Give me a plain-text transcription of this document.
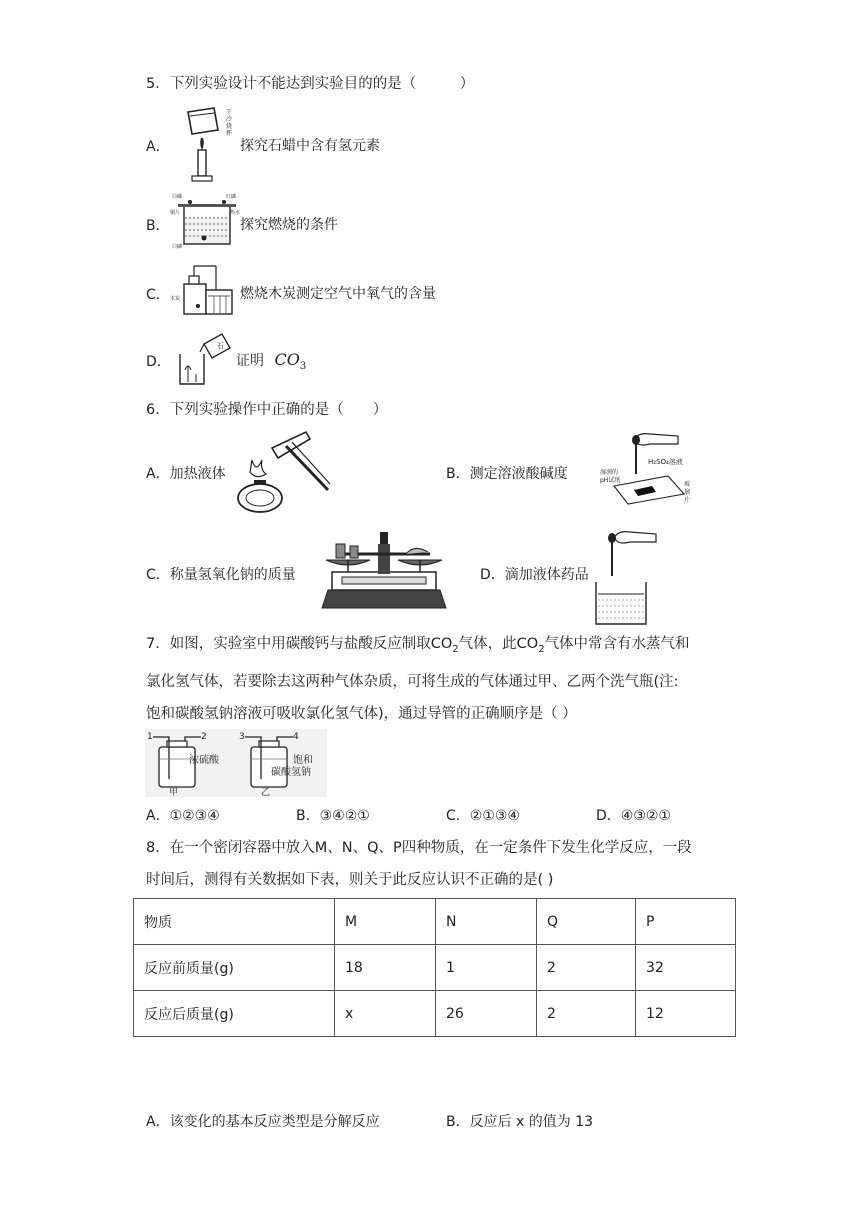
5．下列实验设计不能达到实验目的的是（　　　）
A．
干冷烧杯
探究石蜡中含有氢元素
B．
白磷	红磷 铜片	热水 白磷
探究燃烧的条件
C． 木炭	燃烧木炭测定空气中氧气的含量
D．
石
证明 $CO_3$
6．下列实验操作中正确的是（　　）
A．加热液体	B．测定溶液酸碱度
H₂SO₄溶液 湿润的 pH试纸 玻 璃 片
C．称量氢氧化钠的质量	D．滴加液体药品
7．如图，实验室中用碳酸钙与盐酸反应制取$CO_2$气体，此$CO_2$气体中常含有水蒸气和
氯化氢气体，若要除去这两种气体杂质，可将生成的气体通过甲、乙两个洗气瓶(注:
饱和碳酸氢钠溶液可吸收氯化氢气体)，通过导管的正确顺序是（ ）
1	2	3	4 浓硫酸	饱和 碳酸氢钠 甲	乙
A．①②③④	B．③④②①	C．②①③④	D．④③②①
8．在一个密闭容器中放入M、N、Q、P四种物质，在一定条件下发生化学反应，一段
时间后，测得有关数据如下表，则关于此反应认识不正确的是( )
物质	M	N	Q	P
反应前质量(g)	18	1	2	32
反应后质量(g)	x	26	2	12
A．该变化的基本反应类型是分解反应	B．反应后 x 的值为 13
